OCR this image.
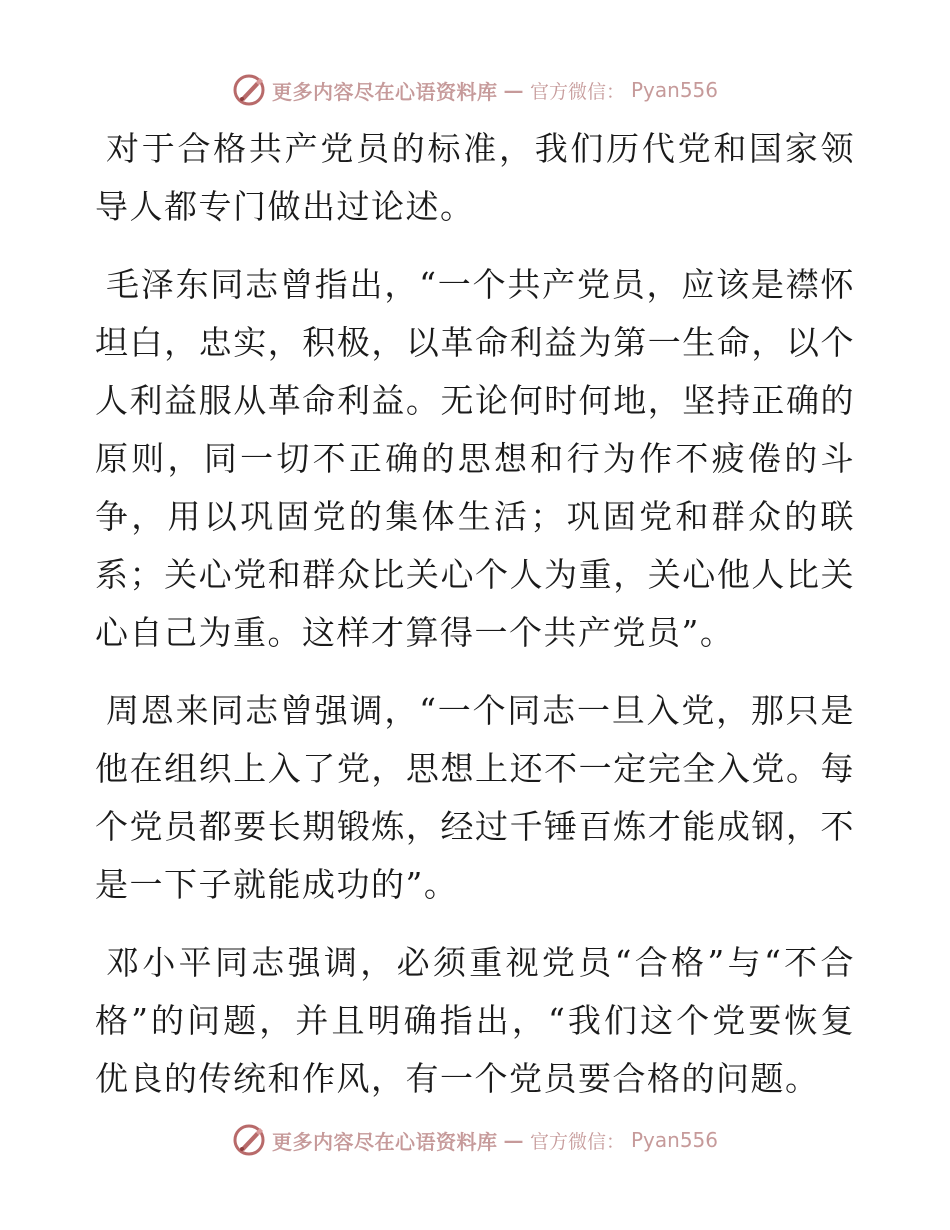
更多内容尽在心语资料库 — 官方微信： Pyan556

对于合格共产党员的标准，我们历代党和国家领导人都专门做出过论述。

毛泽东同志曾指出，“一个共产党员，应该是襟怀坦白，忠实，积极，以革命利益为第一生命，以个人利益服从革命利益。无论何时何地，坚持正确的原则，同一切不正确的思想和行为作不疲倦的斗争，用以巩固党的集体生活；巩固党和群众的联系；关心党和群众比关心个人为重，关心他人比关心自己为重。这样才算得一个共产党员”。

周恩来同志曾强调，“一个同志一旦入党，那只是他在组织上入了党，思想上还不一定完全入党。每个党员都要长期锻炼，经过千锤百炼才能成钢，不是一下子就能成功的”。

邓小平同志强调，必须重视党员“合格”与“不合格”的问题，并且明确指出，“我们这个党要恢复优良的传统和作风，有一个党员要合格的问题。

更多内容尽在心语资料库 — 官方微信： Pyan556
